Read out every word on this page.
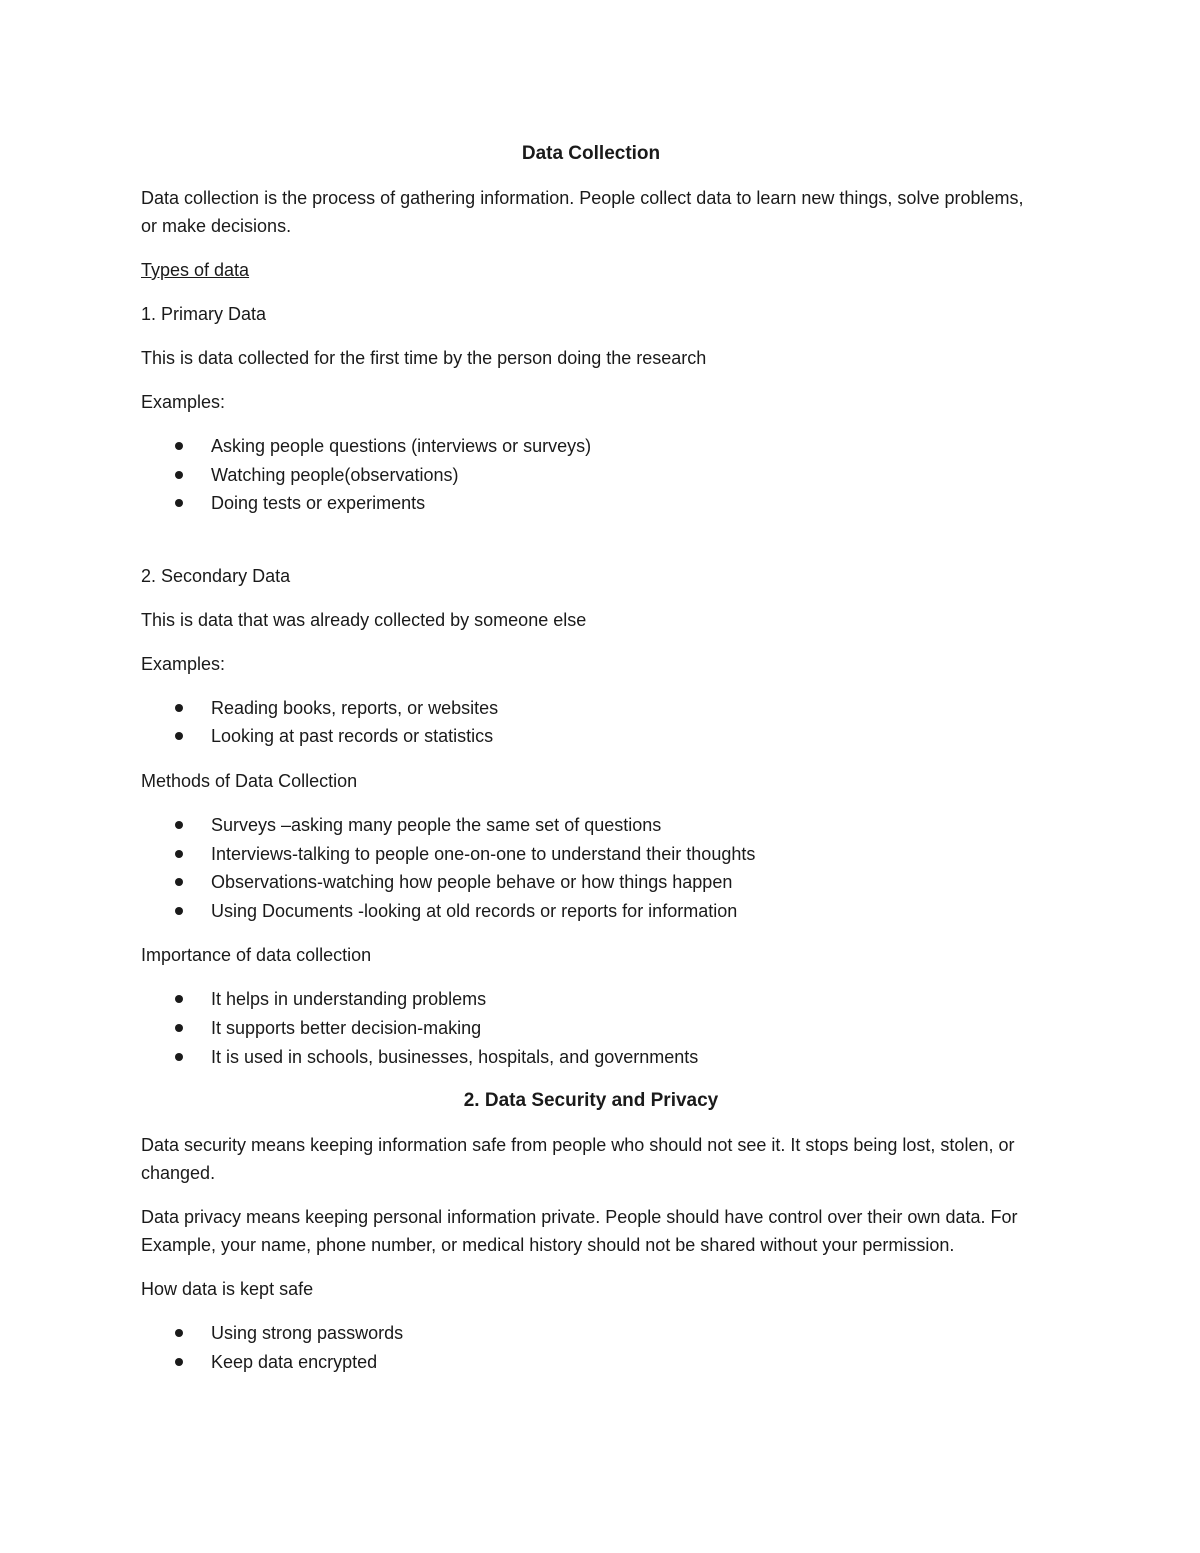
Data Collection

Data collection is the process of gathering information. People collect data to learn new things, solve problems, or make decisions.

Types of data

1. Primary Data

This is data collected for the first time by the person doing the research

Examples:

Asking people questions (interviews or surveys)
Watching people(observations)
Doing tests or experiments

2. Secondary Data

This is data that was already collected by someone else

Examples:

Reading books, reports, or websites
Looking at past records or statistics

Methods of Data Collection

Surveys –asking many people the same set of questions
Interviews-talking to people one-on-one to understand their thoughts
Observations-watching how people behave or how things happen
Using Documents -looking at old records or reports for information

Importance of data collection

It helps in understanding problems
It supports better decision-making
It is used in schools, businesses, hospitals, and governments
2. Data Security and Privacy

Data security means keeping information safe from people who should not see it. It stops being lost, stolen, or changed.

Data privacy means keeping personal information private. People should have control over their own data. For Example, your name, phone number, or medical history should not be shared without your permission.

How data is kept safe

Using strong passwords
Keep data encrypted
